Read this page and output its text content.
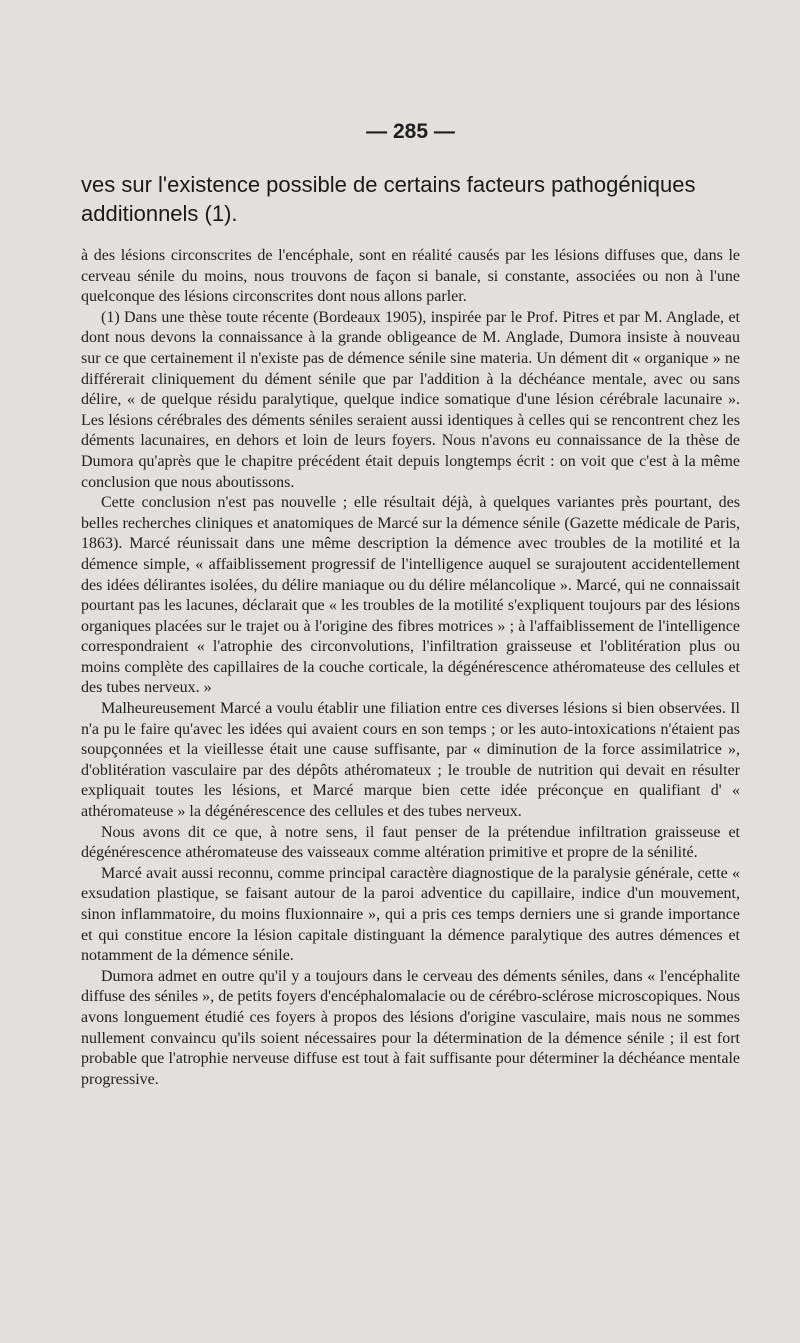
— 285 —

ves sur l'existence possible de certains facteurs pathogéniques additionnels (1).

à des lésions circonscrites de l'encéphale, sont en réalité causés par les lésions diffuses que, dans le cerveau sénile du moins, nous trouvons de façon si banale, si constante, associées ou non à l'une quelconque des lésions circonscrites dont nous allons parler.

(1) Dans une thèse toute récente (Bordeaux 1905), inspirée par le Prof. Pitres et par M. Anglade, et dont nous devons la connaissance à la grande obligeance de M. Anglade, Dumora insiste à nouveau sur ce que certainement il n'existe pas de démence sénile sine materia. Un dément dit « organique » ne différerait cliniquement du dément sénile que par l'addition à la déchéance mentale, avec ou sans délire, « de quelque résidu paralytique, quelque indice somatique d'une lésion cérébrale lacunaire ». Les lésions cérébrales des déments séniles seraient aussi identiques à celles qui se rencontrent chez les déments lacunaires, en dehors et loin de leurs foyers. Nous n'avons eu connaissance de la thèse de Dumora qu'après que le chapitre précédent était depuis longtemps écrit : on voit que c'est à la même conclusion que nous aboutissons.

Cette conclusion n'est pas nouvelle ; elle résultait déjà, à quelques variantes près pourtant, des belles recherches cliniques et anatomiques de Marcé sur la démence sénile (Gazette médicale de Paris, 1863). Marcé réunissait dans une même description la démence avec troubles de la motilité et la démence simple, « affaiblissement progressif de l'intelligence auquel se surajoutent accidentellement des idées délirantes isolées, du délire maniaque ou du délire mélancolique ». Marcé, qui ne connaissait pourtant pas les lacunes, déclarait que « les troubles de la motilité s'expliquent toujours par des lésions organiques placées sur le trajet ou à l'origine des fibres motrices » ; à l'affaiblissement de l'intelligence correspondraient « l'atrophie des circonvolutions, l'infiltration graisseuse et l'oblitération plus ou moins complète des capillaires de la couche corticale, la dégénérescence athéromateuse des cellules et des tubes nerveux. »

Malheureusement Marcé a voulu établir une filiation entre ces diverses lésions si bien observées. Il n'a pu le faire qu'avec les idées qui avaient cours en son temps ; or les auto-intoxications n'étaient pas soupçonnées et la vieillesse était une cause suffisante, par « diminution de la force assimilatrice », d'oblitération vasculaire par des dépôts athéromateux ; le trouble de nutrition qui devait en résulter expliquait toutes les lésions, et Marcé marque bien cette idée préconçue en qualifiant d' « athéromateuse » la dégénérescence des cellules et des tubes nerveux.

Nous avons dit ce que, à notre sens, il faut penser de la prétendue infiltration graisseuse et dégénérescence athéromateuse des vaisseaux comme altération primitive et propre de la sénilité.

Marcé avait aussi reconnu, comme principal caractère diagnostique de la paralysie générale, cette « exsudation plastique, se faisant autour de la paroi adventice du capillaire, indice d'un mouvement, sinon inflammatoire, du moins fluxionnaire », qui a pris ces temps derniers une si grande importance et qui constitue encore la lésion capitale distinguant la démence paralytique des autres démences et notamment de la démence sénile.

Dumora admet en outre qu'il y a toujours dans le cerveau des déments séniles, dans « l'encéphalite diffuse des séniles », de petits foyers d'encéphalomalacie ou de cérébro-sclérose microscopiques. Nous avons longuement étudié ces foyers à propos des lésions d'origine vasculaire, mais nous ne sommes nullement convaincu qu'ils soient nécessaires pour la détermination de la démence sénile ; il est fort probable que l'atrophie nerveuse diffuse est tout à fait suffisante pour déterminer la déchéance mentale progressive.
